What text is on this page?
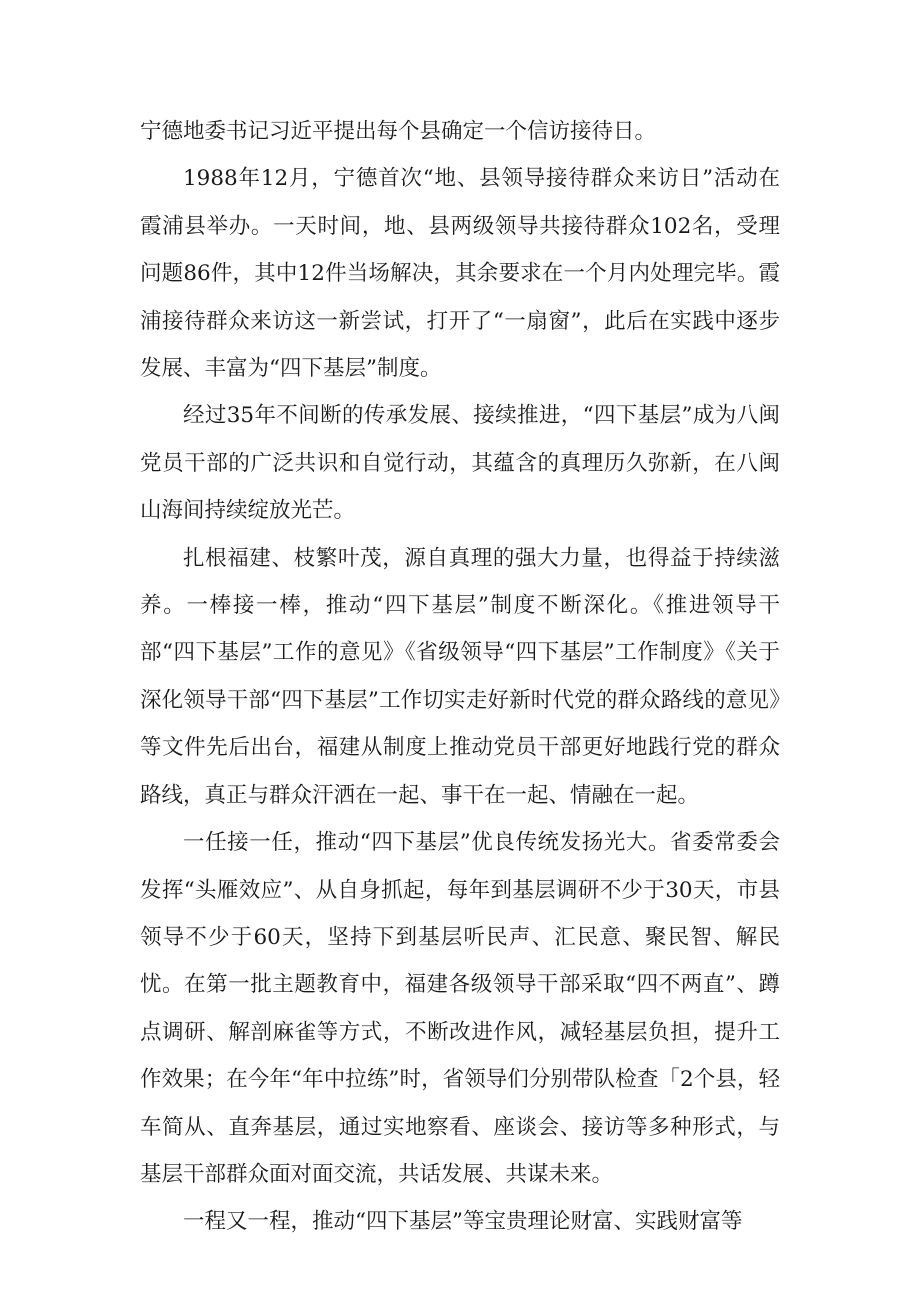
宁德地委书记习近平提出每个县确定一个信访接待日。

1988年12月，宁德首次“地、县领导接待群众来访日”活动在霞浦县举办。一天时间，地、县两级领导共接待群众102名，受理问题86件，其中12件当场解决，其余要求在一个月内处理完毕。霞浦接待群众来访这一新尝试，打开了“一扇窗”，此后在实践中逐步发展、丰富为“四下基层”制度。

经过35年不间断的传承发展、接续推进，“四下基层”成为八闽党员干部的广泛共识和自觉行动，其蕴含的真理历久弥新，在八闽山海间持续绽放光芒。

扎根福建、枝繁叶茂，源自真理的强大力量，也得益于持续滋养。一棒接一棒，推动“四下基层”制度不断深化。《推进领导干部“四下基层”工作的意见》《省级领导“四下基层”工作制度》《关于深化领导干部“四下基层”工作切实走好新时代党的群众路线的意见》等文件先后出台，福建从制度上推动党员干部更好地践行党的群众路线，真正与群众汗洒在一起、事干在一起、情融在一起。

一任接一任，推动“四下基层”优良传统发扬光大。省委常委会发挥“头雁效应”、从自身抓起，每年到基层调研不少于30天，市县领导不少于60天，坚持下到基层听民声、汇民意、聚民智、解民忧。在第一批主题教育中，福建各级领导干部采取“四不两直”、蹲点调研、解剖麻雀等方式，不断改进作风，减轻基层负担，提升工作效果；在今年“年中拉练”时，省领导们分别带队检查「2个县，轻车简从、直奔基层，通过实地察看、座谈会、接访等多种形式，与基层干部群众面对面交流，共话发展、共谋未来。

一程又一程，推动“四下基层”等宝贵理论财富、实践财富等
